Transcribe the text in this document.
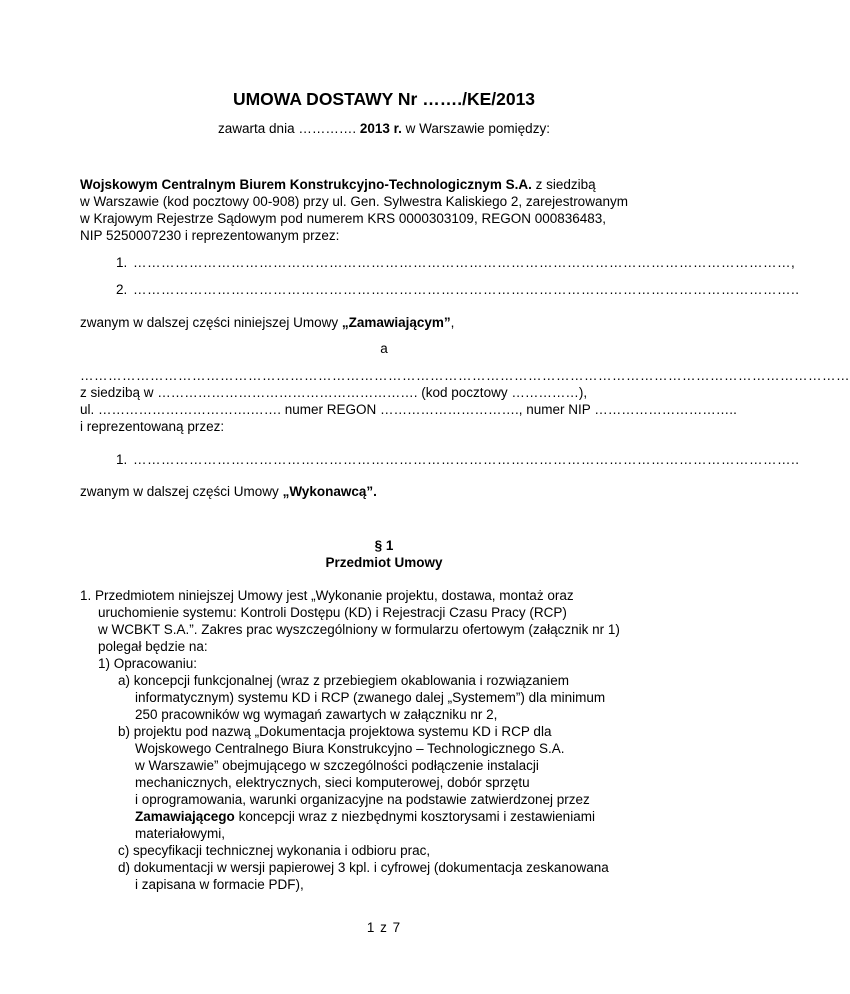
UMOWA DOSTAWY Nr ……./KE/2013
zawarta dnia …………. 2013 r. w Warszawie pomiędzy:
Wojskowym Centralnym Biurem Konstrukcyjno-Technologicznym S.A. z siedzibą
w Warszawie (kod pocztowy 00-908) przy ul. Gen. Sylwestra Kaliskiego 2, zarejestrowanym
w Krajowym Rejestrze Sądowym pod numerem KRS 0000303109, REGON 000836483,
NIP 5250007230 i reprezentowanym przez:
1. ……………………………………………………………………………………………………………………………,
2. ……………………………………………………………………………………………………………………………..
zwanym w dalszej części niniejszej Umowy „Zamawiającym”,
a
…………………………………………………………………………………………………………………………………………………
z siedzibą w …………………………………………………. (kod pocztowy ……………),
ul. …………………………….……. numer REGON …………………………., numer NIP …………………………..
i reprezentowaną przez:
1. ……………………………………………………………………………………………………………………………..
zwanym w dalszej części Umowy „Wykonawcą”.
§ 1
Przedmiot Umowy
1. Przedmiotem niniejszej Umowy jest „Wykonanie projektu, dostawa, montaż oraz
uruchomienie systemu: Kontroli Dostępu (KD) i Rejestracji Czasu Pracy (RCP)
w WCBKT S.A.”. Zakres prac wyszczególniony w formularzu ofertowym (załącznik nr 1)
polegał będzie na:
1) Opracowaniu:
a) koncepcji funkcjonalnej (wraz z przebiegiem okablowania i rozwiązaniem
informatycznym) systemu KD i RCP (zwanego dalej „Systemem”) dla minimum
250 pracowników wg wymagań zawartych w załączniku nr 2,
b) projektu pod nazwą „Dokumentacja projektowa systemu KD i RCP dla
Wojskowego Centralnego Biura Konstrukcyjno – Technologicznego S.A.
w Warszawie” obejmującego w szczególności podłączenie instalacji
mechanicznych, elektrycznych, sieci komputerowej, dobór sprzętu
i oprogramowania, warunki organizacyjne na podstawie zatwierdzonej przez
Zamawiającego koncepcji wraz z niezbędnymi kosztorysami i zestawieniami
materiałowymi,
c) specyfikacji technicznej wykonania i odbioru prac,
d) dokumentacji w wersji papierowej 3 kpl. i cyfrowej (dokumentacja zeskanowana
i zapisana w formacie PDF),
1 z 7
